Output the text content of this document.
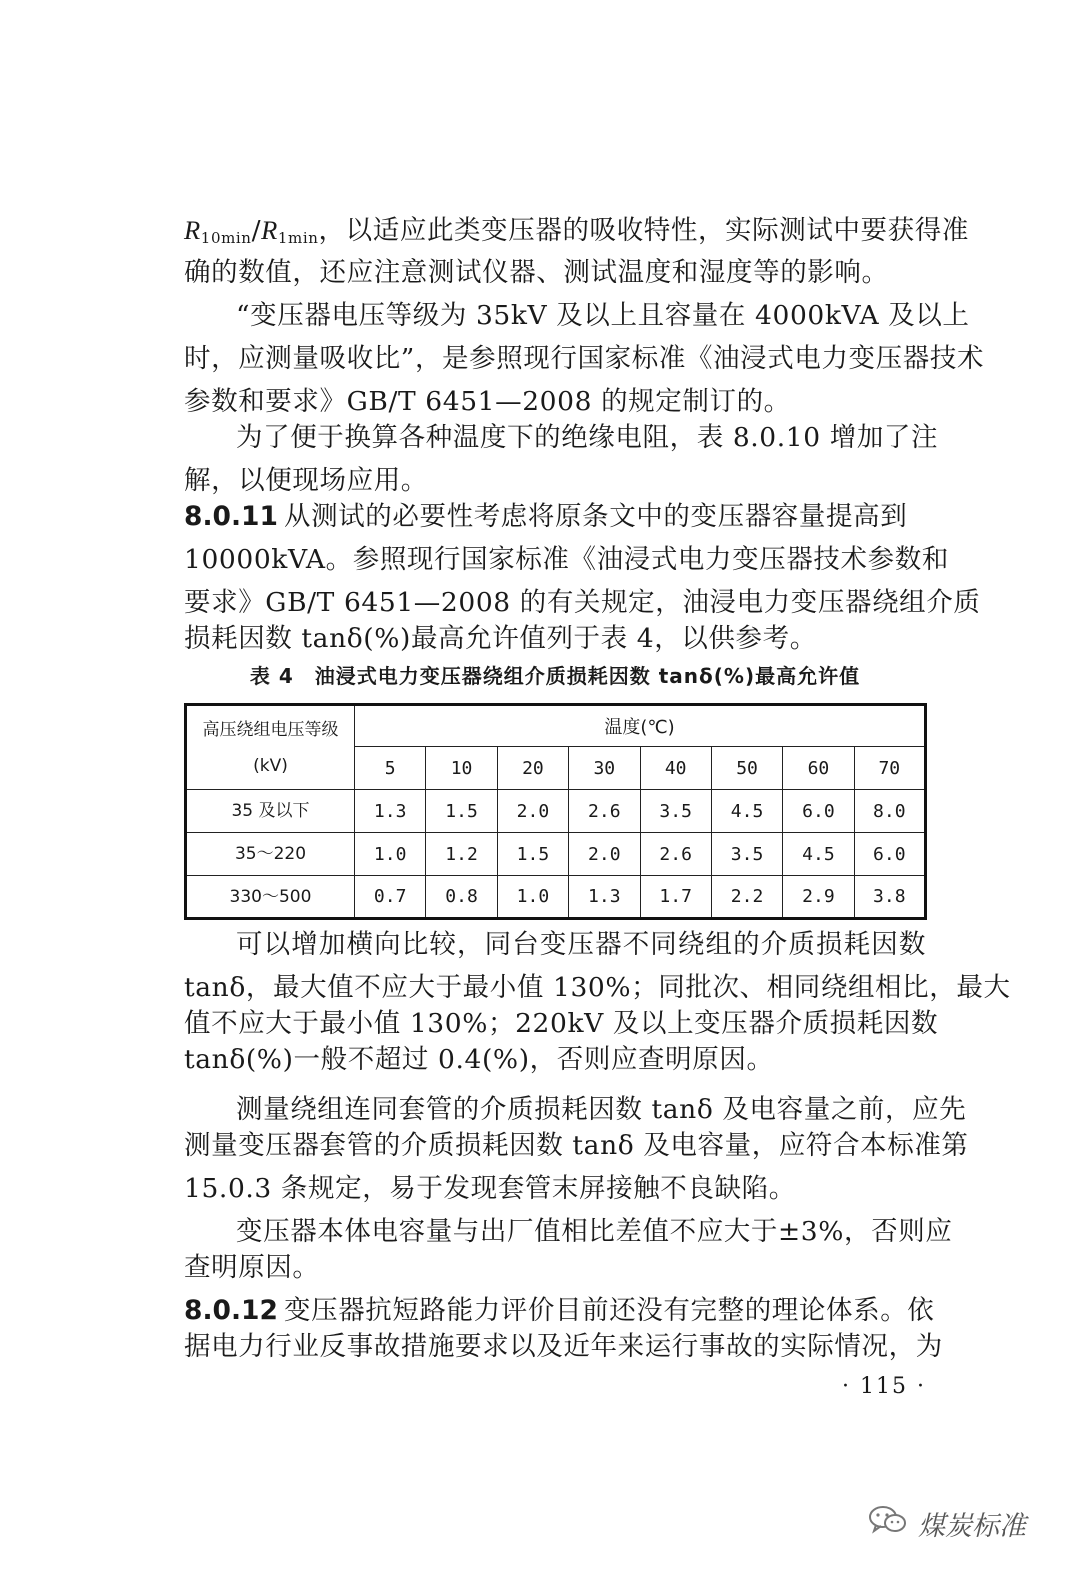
$R_{10min}/R_{1min}$，以适应此类变压器的吸收特性，实际测试中要获得准
确的数值，还应注意测试仪器、测试温度和湿度等的影响。
“变压器电压等级为 35kV 及以上且容量在 4000kVA 及以上
时，应测量吸收比”，是参照现行国家标准《油浸式电力变压器技术
参数和要求》GB/T 6451—2008 的规定制订的。
为了便于换算各种温度下的绝缘电阻，表 8.0.10 增加了注
解，以便现场应用。
8.0.11 从测试的必要性考虑将原条文中的变压器容量提高到
10000kVA。参照现行国家标准《油浸式电力变压器技术参数和
要求》GB/T 6451—2008 的有关规定，油浸电力变压器绕组介质
损耗因数 tanδ(%)最高允许值列于表 4，以供参考。
表 4　油浸式电力变压器绕组介质损耗因数 tanδ(%)最高允许值
高压绕组电压等级
(kV)	温度(℃)							
	5	10	20	30	40	50	60	70
35 及以下	1.3	1.5	2.0	2.6	3.5	4.5	6.0	8.0
35～220	1.0	1.2	1.5	2.0	2.6	3.5	4.5	6.0
330～500	0.7	0.8	1.0	1.3	1.7	2.2	2.9	3.8
可以增加横向比较，同台变压器不同绕组的介质损耗因数
tanδ，最大值不应大于最小值 130%；同批次、相同绕组相比，最大
值不应大于最小值 130%；220kV 及以上变压器介质损耗因数
tanδ(%)一般不超过 0.4(%)，否则应查明原因。
测量绕组连同套管的介质损耗因数 tanδ 及电容量之前，应先
测量变压器套管的介质损耗因数 tanδ 及电容量，应符合本标准第
15.0.3 条规定，易于发现套管末屏接触不良缺陷。
变压器本体电容量与出厂值相比差值不应大于±3%，否则应
查明原因。
8.0.12 变压器抗短路能力评价目前还没有完整的理论体系。依
据电力行业反事故措施要求以及近年来运行事故的实际情况，为
· 115 ·
煤炭标准
